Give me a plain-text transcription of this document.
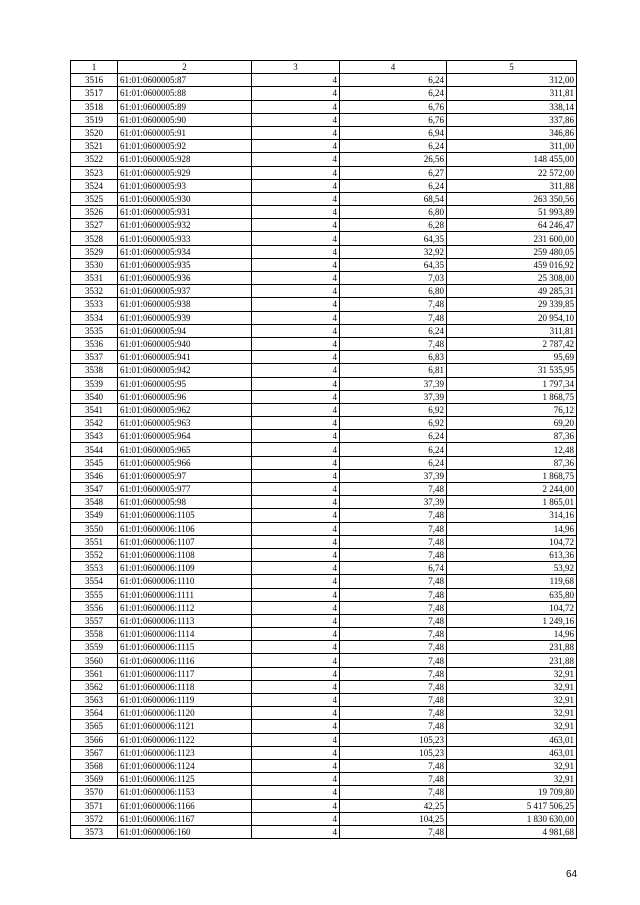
1	2	3	4	5
3516	61:01:0600005:87	4	6,24	312,00
3517	61:01:0600005:88	4	6,24	311,81
3518	61:01:0600005:89	4	6,76	338,14
3519	61:01:0600005:90	4	6,76	337,86
3520	61:01:0600005:91	4	6,94	346,86
3521	61:01:0600005:92	4	6,24	311,00
3522	61:01:0600005:928	4	26,56	148 455,00
3523	61:01:0600005:929	4	6,27	22 572,00
3524	61:01:0600005:93	4	6,24	311,88
3525	61:01:0600005:930	4	68,54	263 350,56
3526	61:01:0600005:931	4	6,80	51 993,89
3527	61:01:0600005:932	4	6,28	64 246,47
3528	61:01:0600005:933	4	64,35	231 600,00
3529	61:01:0600005:934	4	32,92	259 480,05
3530	61:01:0600005:935	4	64,35	459 016,92
3531	61:01:0600005:936	4	7,03	25 308,00
3532	61:01:0600005:937	4	6,80	49 285,31
3533	61:01:0600005:938	4	7,48	29 339,85
3534	61:01:0600005:939	4	7,48	20 954,10
3535	61:01:0600005:94	4	6,24	311,81
3536	61:01:0600005:940	4	7,48	2 787,42
3537	61:01:0600005:941	4	6,83	95,69
3538	61:01:0600005:942	4	6,81	31 535,95
3539	61:01:0600005:95	4	37,39	1 797,34
3540	61:01:0600005:96	4	37,39	1 868,75
3541	61:01:0600005:962	4	6,92	76,12
3542	61:01:0600005:963	4	6,92	69,20
3543	61:01:0600005:964	4	6,24	87,36
3544	61:01:0600005:965	4	6,24	12,48
3545	61:01:0600005:966	4	6,24	87,36
3546	61:01:0600005:97	4	37,39	1 868,75
3547	61:01:0600005:977	4	7,48	2 244,00
3548	61:01:0600005:98	4	37,39	1 865,01
3549	61:01:0600006:1105	4	7,48	314,16
3550	61:01:0600006:1106	4	7,48	14,96
3551	61:01:0600006:1107	4	7,48	104,72
3552	61:01:0600006:1108	4	7,48	613,36
3553	61:01:0600006:1109	4	6,74	53,92
3554	61:01:0600006:1110	4	7,48	119,68
3555	61:01:0600006:1111	4	7,48	635,80
3556	61:01:0600006:1112	4	7,48	104,72
3557	61:01:0600006:1113	4	7,48	1 249,16
3558	61:01:0600006:1114	4	7,48	14,96
3559	61:01:0600006:1115	4	7,48	231,88
3560	61:01:0600006:1116	4	7,48	231,88
3561	61:01:0600006:1117	4	7,48	32,91
3562	61:01:0600006:1118	4	7,48	32,91
3563	61:01:0600006:1119	4	7,48	32,91
3564	61:01:0600006:1120	4	7,48	32,91
3565	61:01:0600006:1121	4	7,48	32,91
3566	61:01:0600006:1122	4	105,23	463,01
3567	61:01:0600006:1123	4	105,23	463,01
3568	61:01:0600006:1124	4	7,48	32,91
3569	61:01:0600006:1125	4	7,48	32,91
3570	61:01:0600006:1153	4	7,48	19 709,80
3571	61:01:0600006:1166	4	42,25	5 417 506,25
3572	61:01:0600006:1167	4	104,25	1 830 630,00
3573	61:01:0600006:160	4	7,48	4 981,68
64
